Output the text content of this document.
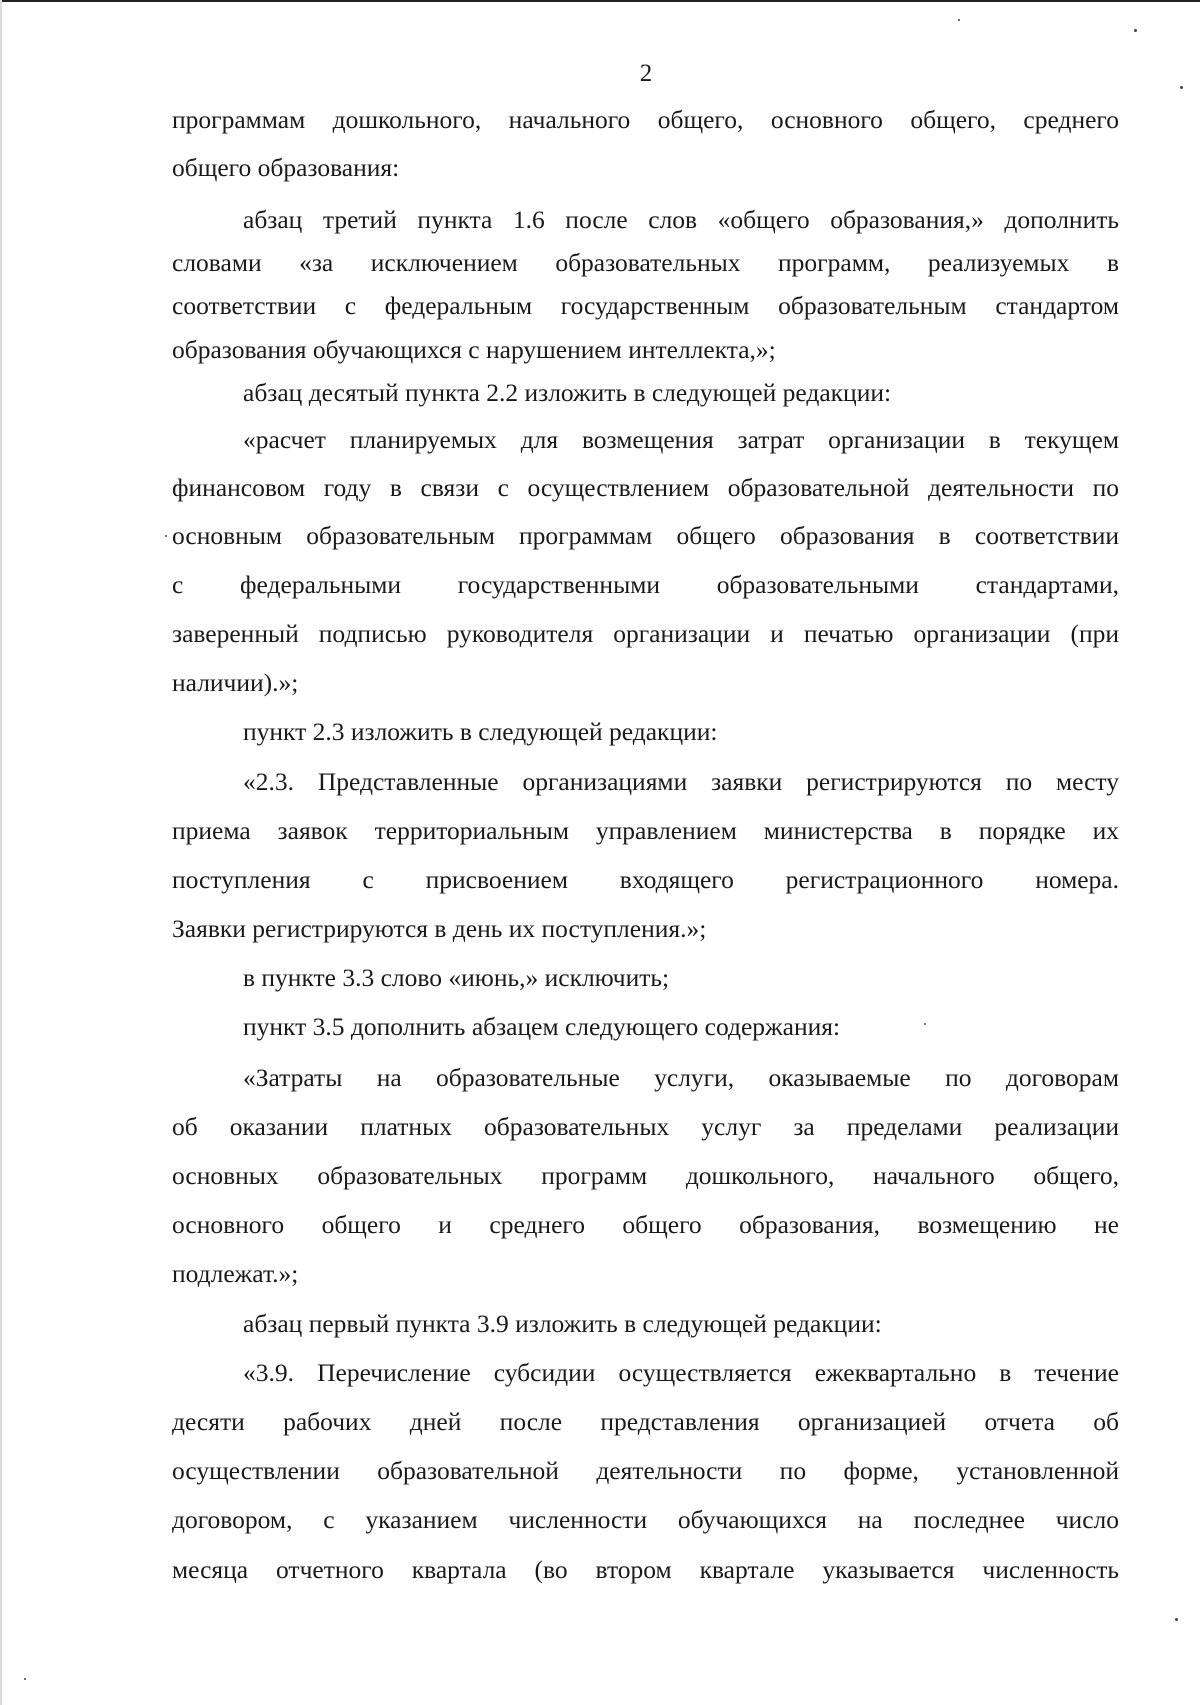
2
программам дошкольного, начального общего, основного общего, среднего
общего образования:
абзац третий пункта 1.6 после слов «общего образования,» дополнить
словами «за исключением образовательных программ, реализуемых в
соответствии с федеральным государственным образовательным стандартом
образования обучающихся с нарушением интеллекта,»;
абзац десятый пункта 2.2 изложить в следующей редакции:
«расчет планируемых для возмещения затрат организации в текущем
финансовом году в связи с осуществлением образовательной деятельности по
основным образовательным программам общего образования в соответствии
с федеральными государственными образовательными стандартами,
заверенный подписью руководителя организации и печатью организации (при
наличии).»;
пункт 2.3 изложить в следующей редакции:
«2.3. Представленные организациями заявки регистрируются по месту
приема заявок территориальным управлением министерства в порядке их
поступления с присвоением входящего регистрационного номера.
Заявки регистрируются в день их поступления.»;
в пункте 3.3 слово «июнь,» исключить;
пункт 3.5 дополнить абзацем следующего содержания:
«Затраты на образовательные услуги, оказываемые по договорам
об оказании платных образовательных услуг за пределами реализации
основных образовательных программ дошкольного, начального общего,
основного общего и среднего общего образования, возмещению не
подлежат.»;
абзац первый пункта 3.9 изложить в следующей редакции:
«3.9. Перечисление субсидии осуществляется ежеквартально в течение
десяти рабочих дней после представления организацией отчета об
осуществлении образовательной деятельности по форме, установленной
договором, с указанием численности обучающихся на последнее число
месяца отчетного квартала (во втором квартале указывается численность
